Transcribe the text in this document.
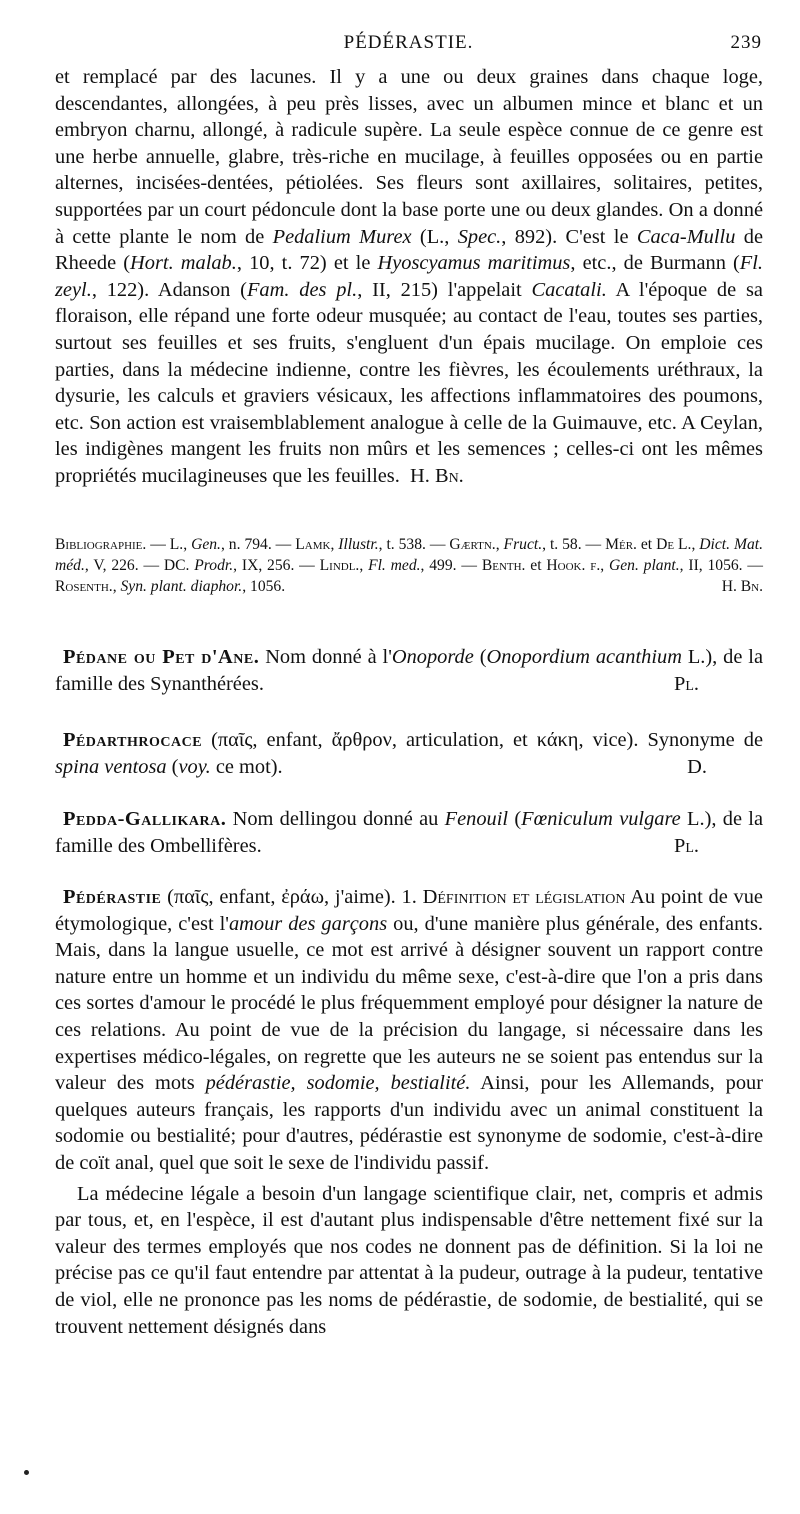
PÉDÉRASTIE.	239

et remplacé par des lacunes. Il y a une ou deux graines dans chaque loge, descendantes, allongées, à peu près lisses, avec un albumen mince et blanc et un embryon charnu, allongé, à radicule supère. La seule espèce connue de ce genre est une herbe annuelle, glabre, très-riche en mucilage, à feuilles opposées ou en partie alternes, incisées-dentées, pétiolées. Ses fleurs sont axillaires, solitaires, petites, supportées par un court pédoncule dont la base porte une ou deux glandes. On a donné à cette plante le nom de Pedalium Murex (L., Spec., 892). C'est le Caca-Mullu de Rheede (Hort. malab., 10, t. 72) et le Hyoscyamus maritimus, etc., de Burmann (Fl. zeyl., 122). Adanson (Fam. des pl., II, 215) l'appelait Cacatali. A l'époque de sa floraison, elle répand une forte odeur musquée; au contact de l'eau, toutes ses parties, surtout ses feuilles et ses fruits, s'engluent d'un épais mucilage. On emploie ces parties, dans la médecine indienne, contre les fièvres, les écoulements uréthraux, la dysurie, les calculs et graviers vésicaux, les affections inflammatoires des poumons, etc. Son action est vraisemblablement analogue à celle de la Guimauve, etc. A Ceylan, les indigènes mangent les fruits non mûrs et les semences ; celles-ci ont les mêmes propriétés mucilagineuses que les feuilles. H. Bn.

Bibliographie. — L., Gen., n. 794. — Lamk, Illustr., t. 538. — Gærtn., Fruct., t. 58. — Mér. et De L., Dict. Mat. méd., V, 226. — DC. Prodr., IX, 256. — Lindl., Fl. med., 499. — Benth. et Hook. f., Gen. plant., II, 1056. — Rosenth., Syn. plant. diaphor., 1056.	H. Bn.

Pédane ou Pet d'Ane. Nom donné à l'Onoporde (Onopordium acanthium L.), de la famille des Synanthérées.	Pl.

Pédarthrocace (παῖς, enfant, ἄρθρον, articulation, et κάκη, vice). Synonyme de spina ventosa (voy. ce mot).	D.

Pedda-Gallikara. Nom dellingou donné au Fenouil (Fœniculum vulgare L.), de la famille des Ombellifères.	Pl.

Pédérastie (παῖς, enfant, ἐράω, j'aime). 1. Définition et législation Au point de vue étymologique, c'est l'amour des garçons ou, d'une manière plus générale, des enfants. Mais, dans la langue usuelle, ce mot est arrivé à désigner souvent un rapport contre nature entre un homme et un individu du même sexe, c'est-à-dire que l'on a pris dans ces sortes d'amour le procédé le plus fréquemment employé pour désigner la nature de ces relations. Au point de vue de la précision du langage, si nécessaire dans les expertises médico-légales, on regrette que les auteurs ne se soient pas entendus sur la valeur des mots pédérastie, sodomie, bestialité. Ainsi, pour les Allemands, pour quelques auteurs français, les rapports d'un individu avec un animal constituent la sodomie ou bestialité; pour d'autres, pédérastie est synonyme de sodomie, c'est-à-dire de coït anal, quel que soit le sexe de l'individu passif.

La médecine légale a besoin d'un langage scientifique clair, net, compris et admis par tous, et, en l'espèce, il est d'autant plus indispensable d'être nettement fixé sur la valeur des termes employés que nos codes ne donnent pas de définition. Si la loi ne précise pas ce qu'il faut entendre par attentat à la pudeur, outrage à la pudeur, tentative de viol, elle ne prononce pas les noms de pédérastie, de sodomie, de bestialité, qui se trouvent nettement désignés dans
